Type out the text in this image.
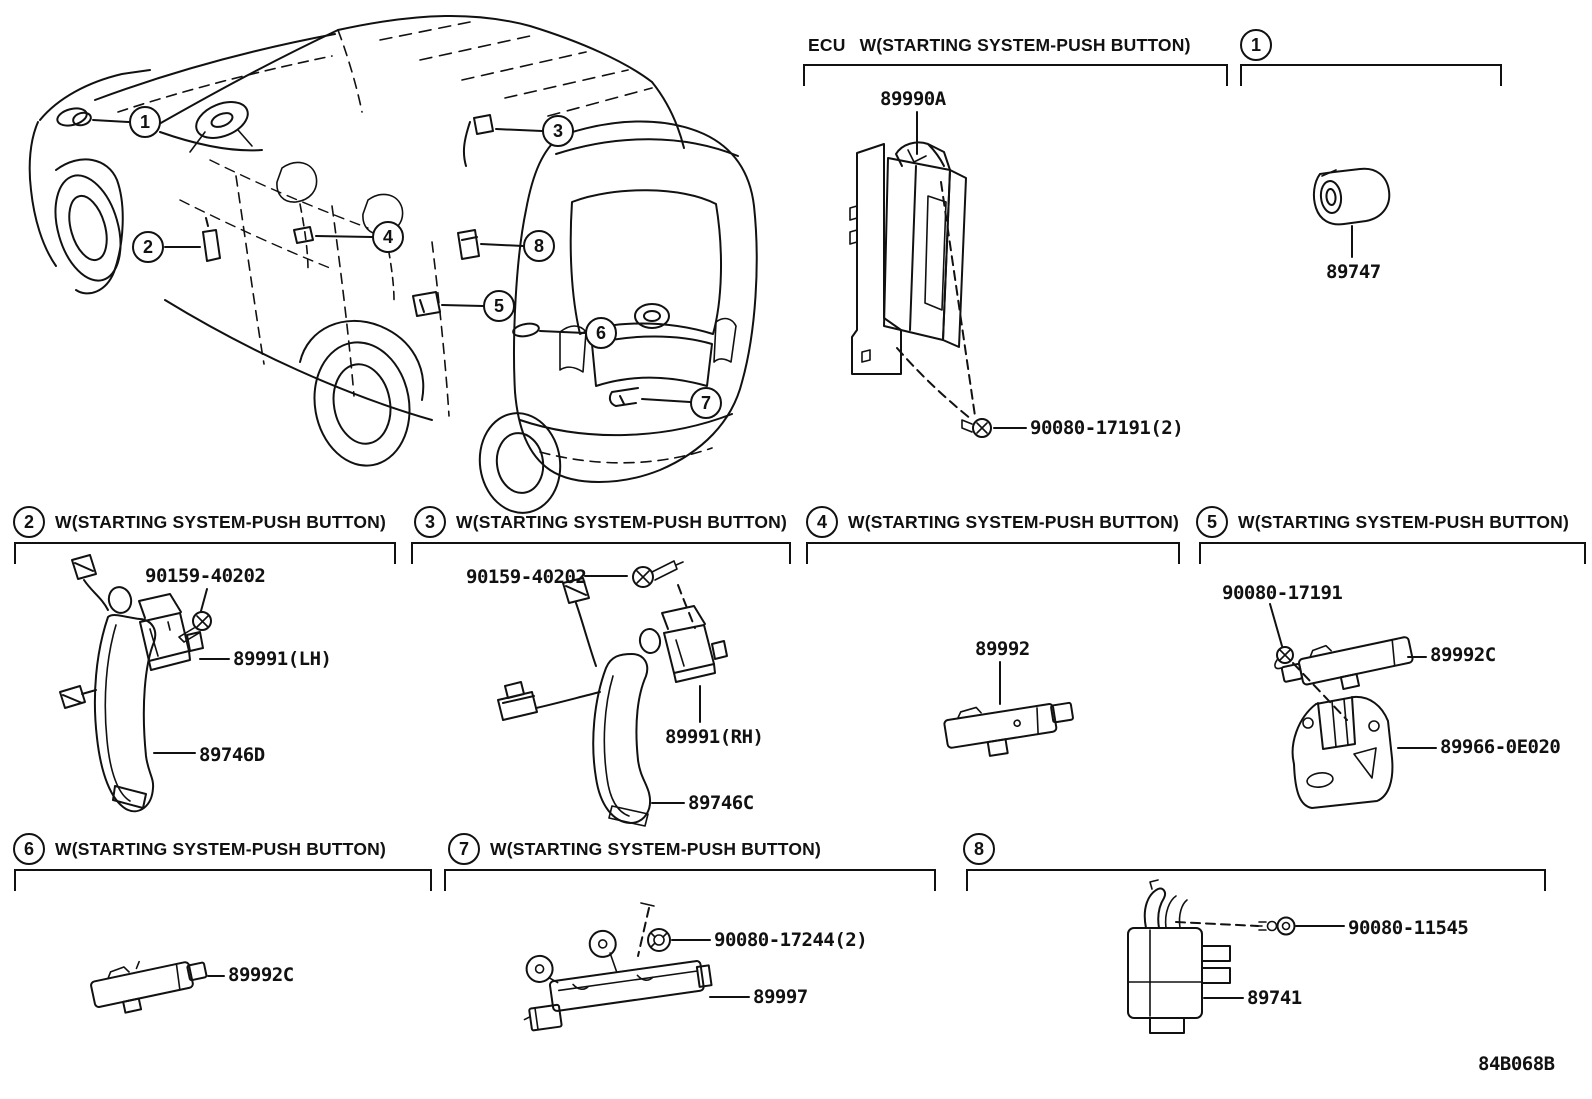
1
2
3
4	8
5
6
7
ECU W(STARTING SYSTEM-PUSH BUTTON)	1
2 W(STARTING SYSTEM-PUSH BUTTON) 3 W(STARTING SYSTEM-PUSH BUTTON) 4 W(STARTING SYSTEM-PUSH BUTTON) 5 W(STARTING SYSTEM-PUSH BUTTON)
6 W(STARTING SYSTEM-PUSH BUTTON)	7 W(STARTING SYSTEM-PUSH BUTTON)	8
89990A
90080-17191(2)
89747
90159-40202
89991(LH)
89746D
90159-40202
89991(RH)
89746C
89992
90080-17191
89992C
89966-0E020
89992C
90080-17244(2)
89997
90080-11545
89741
84B068B
